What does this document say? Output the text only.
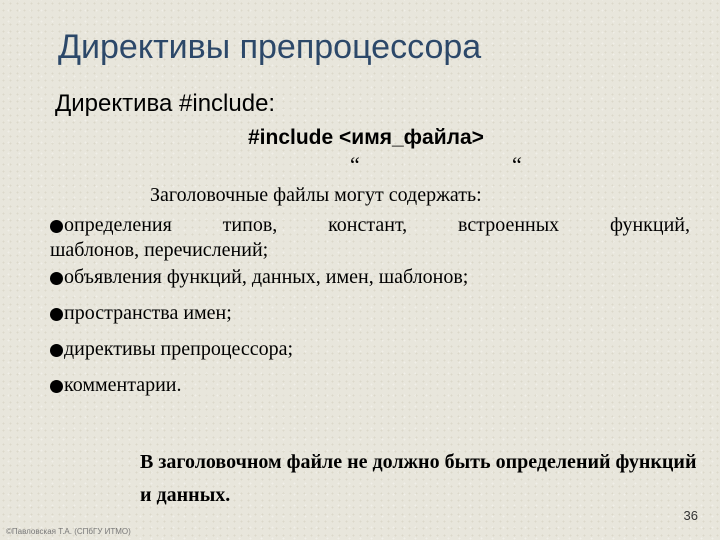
Директивы препроцессора
Директива #include:
#include <имя_файла>
“	“
Заголовочные файлы могут содержать:
определения типов, констант, встроенных функций,
шаблонов, перечислений;
объявления функций, данных, имен, шаблонов;
пространства имен;
директивы препроцессора;
комментарии.
В заголовочном файле не должно быть определений функций и данных.
36
©Павловская Т.А. (СПбГУ ИТМО)
